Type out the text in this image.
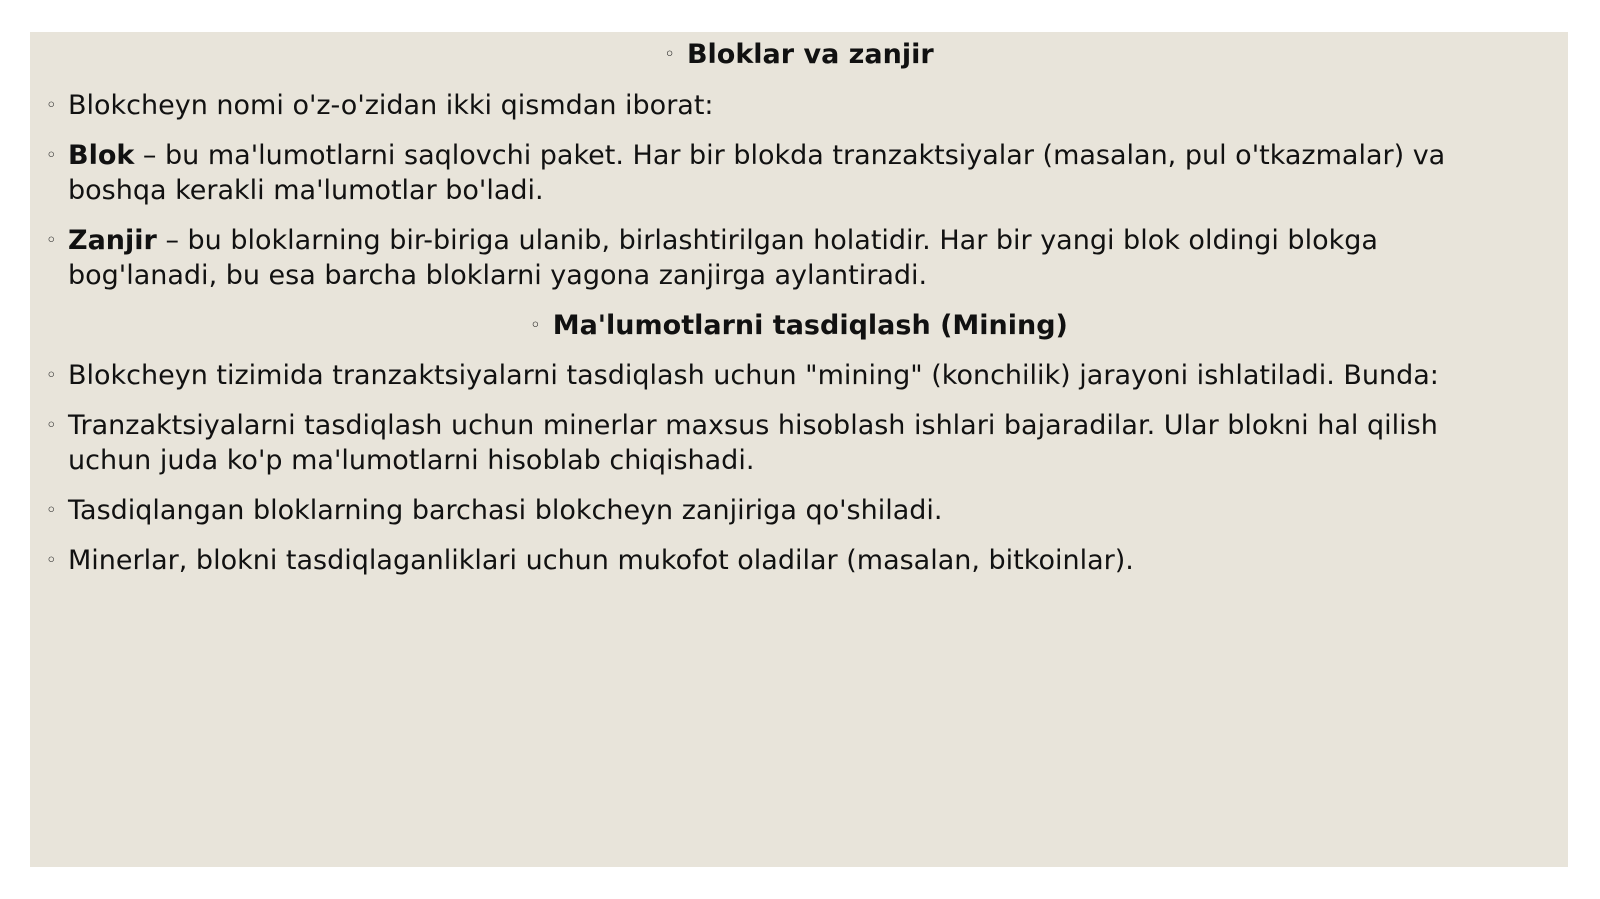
◦ Bloklar va zanjir
◦ Blokcheyn nomi o'z-o'zidan ikki qismdan iborat:
◦ Blok – bu ma'lumotlarni saqlovchi paket. Har bir blokda tranzaktsiyalar (masalan, pul o'tkazmalar) va
boshqa kerakli ma'lumotlar bo'ladi.
◦ Zanjir – bu bloklarning bir-biriga ulanib, birlashtirilgan holatidir. Har bir yangi blok oldingi blokga
bog'lanadi, bu esa barcha bloklarni yagona zanjirga aylantiradi.
◦ Ma'lumotlarni tasdiqlash (Mining)
◦ Blokcheyn tizimida tranzaktsiyalarni tasdiqlash uchun "mining" (konchilik) jarayoni ishlatiladi. Bunda:
◦ Tranzaktsiyalarni tasdiqlash uchun minerlar maxsus hisoblash ishlari bajaradilar. Ular blokni hal qilish
uchun juda ko'p ma'lumotlarni hisoblab chiqishadi.
◦ Tasdiqlangan bloklarning barchasi blokcheyn zanjiriga qo'shiladi.
◦ Minerlar, blokni tasdiqlaganliklari uchun mukofot oladilar (masalan, bitkoinlar).
